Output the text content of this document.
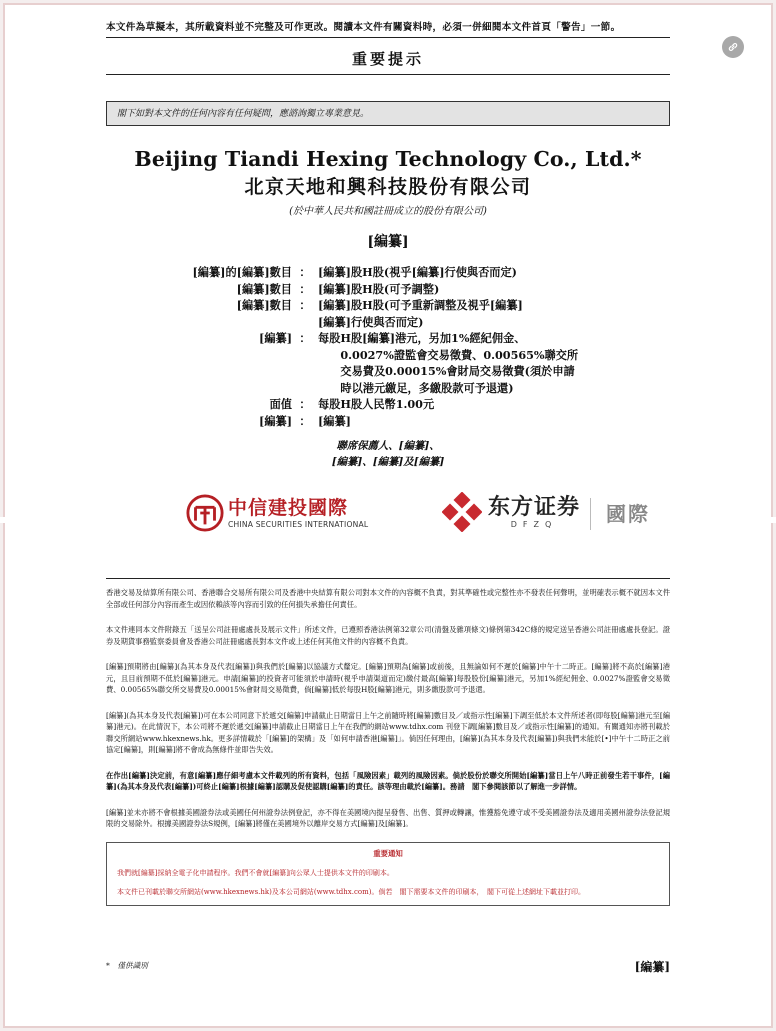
本文件為草擬本，其所載資料並不完整及可作更改。閱讀本文件有關資料時，必須一併細閱本文件首頁「警告」一節。
重要提示
閣下如對本文件的任何內容有任何疑問，應諮詢獨立專業意見。
Beijing Tiandi Hexing Technology Co., Ltd.*
北京天地和興科技股份有限公司
(於中華人民共和國註冊成立的股份有限公司)
[編纂]
[編纂]的[編纂]數目 ： [編纂]股H股(視乎[編纂]行使與否而定)
[編纂]數目 ： [編纂]股H股(可予調整)
[編纂]數目 ： [編纂]股H股(可予重新調整及視乎[編纂]
[編纂]行使與否而定)
[編纂] ： 每股H股[編纂]港元，另加1%經紀佣金、
　　0.0027%證監會交易徵費、0.00565%聯交所
　　交易費及0.00015%會財局交易徵費(須於申請
　　時以港元繳足，多繳股款可予退還)
面值 ： 每股H股人民幣1.00元
[編纂] ： [編纂]
聯席保薦人、[編纂]、
[編纂]、[編纂]及[編纂]
中信建投國際
CHINA SECURITIES INTERNATIONAL
东方证券
DFZQ	國際
香港交易及結算所有限公司、香港聯合交易所有限公司及香港中央結算有限公司對本文件的內容概不負責，對其準確性或完整性亦不發表任何聲明，並明確表示概不就因本文件全部或任何部分內容而產生或因依賴該等內容而引致的任何損失承擔任何責任。
本文件連同本文件附錄五「送呈公司註冊處處長及展示文件」所述文件，已遵照香港法例第32章公司(清盤及雜項條文)條例第342C條的規定送呈香港公司註冊處處長登記。證券及期貨事務監察委員會及香港公司註冊處處長對本文件或上述任何其他文件的內容概不負責。
[編纂]預期將由[編纂](為其本身及代表[編纂])與我們於[編纂]以協議方式釐定。[編纂]預期為[編纂]或前後，且無論如何不遲於[編纂]中午十二時正。[編纂]將不高於[編纂]港元，且目前預期不低於[編纂]港元。申請[編纂]的投資者可能須於申請時(視乎申請渠道而定)繳付最高[編纂]每股股份[編纂]港元，另加1%經紀佣金、0.0027%證監會交易徵費、0.00565%聯交所交易費及0.00015%會財局交易徵費，倘[編纂]低於每股H股[編纂]港元，則多繳股款可予退還。
[編纂](為其本身及代表[編纂])可在本公司同意下於遞交[編纂]申請截止日期當日上午之前隨時將[編纂]數目及／或指示性[編纂]下調至低於本文件所述者(即每股[編纂]港元至[編纂]港元)。在此情況下，本公司將不遲於遞交[編纂]申請截止日期當日上午在我們的網站www.tdhx.com 刊登下調[編纂]數目及／或指示性[編纂]的通知。有關通知亦將刊載於聯交所網站www.hkexnews.hk。更多詳情載於「[編纂]的架構」及「如何申請香港[編纂]」。倘因任何理由，[編纂](為其本身及代表[編纂])與我們未能於[•]中午十二時正之前協定[編纂]，則[編纂]將不會成為無條件並即告失效。
在作出[編纂]決定前，有意[編纂]應仔細考慮本文件載列的所有資料，包括「風險因素」載列的風險因素。倘於股份於聯交所開始[編纂]當日上午八時正前發生若干事件，[編纂](為其本身及代表[編纂])可終止[編纂]根據[編纂]認購及促使認購[編纂]的責任。該等理由載於[編纂]。務請　閣下參閱該節以了解進一步詳情。
[編纂]並未亦將不會根據美國證券法或美國任何州證券法例登記，亦不得在美國境內提呈發售、出售、質押或轉讓，惟獲豁免遵守或不受美國證券法及適用美國州證券法登記規限的交易除外。根據美國證券法S規例，[編纂]將僅在美國境外以離岸交易方式[編纂]及[編纂]。
重要通知
我們就[編纂]採納全電子化申請程序。我們不會就[編纂]向公眾人士提供本文件的印刷本。
本文件已刊載於聯交所網站(www.hkexnews.hk)及本公司網站(www.tdhx.com)。倘若　閣下需要本文件的印刷本，　閣下可從上述網址下載並打印。
*　僅供識別	[編纂]
